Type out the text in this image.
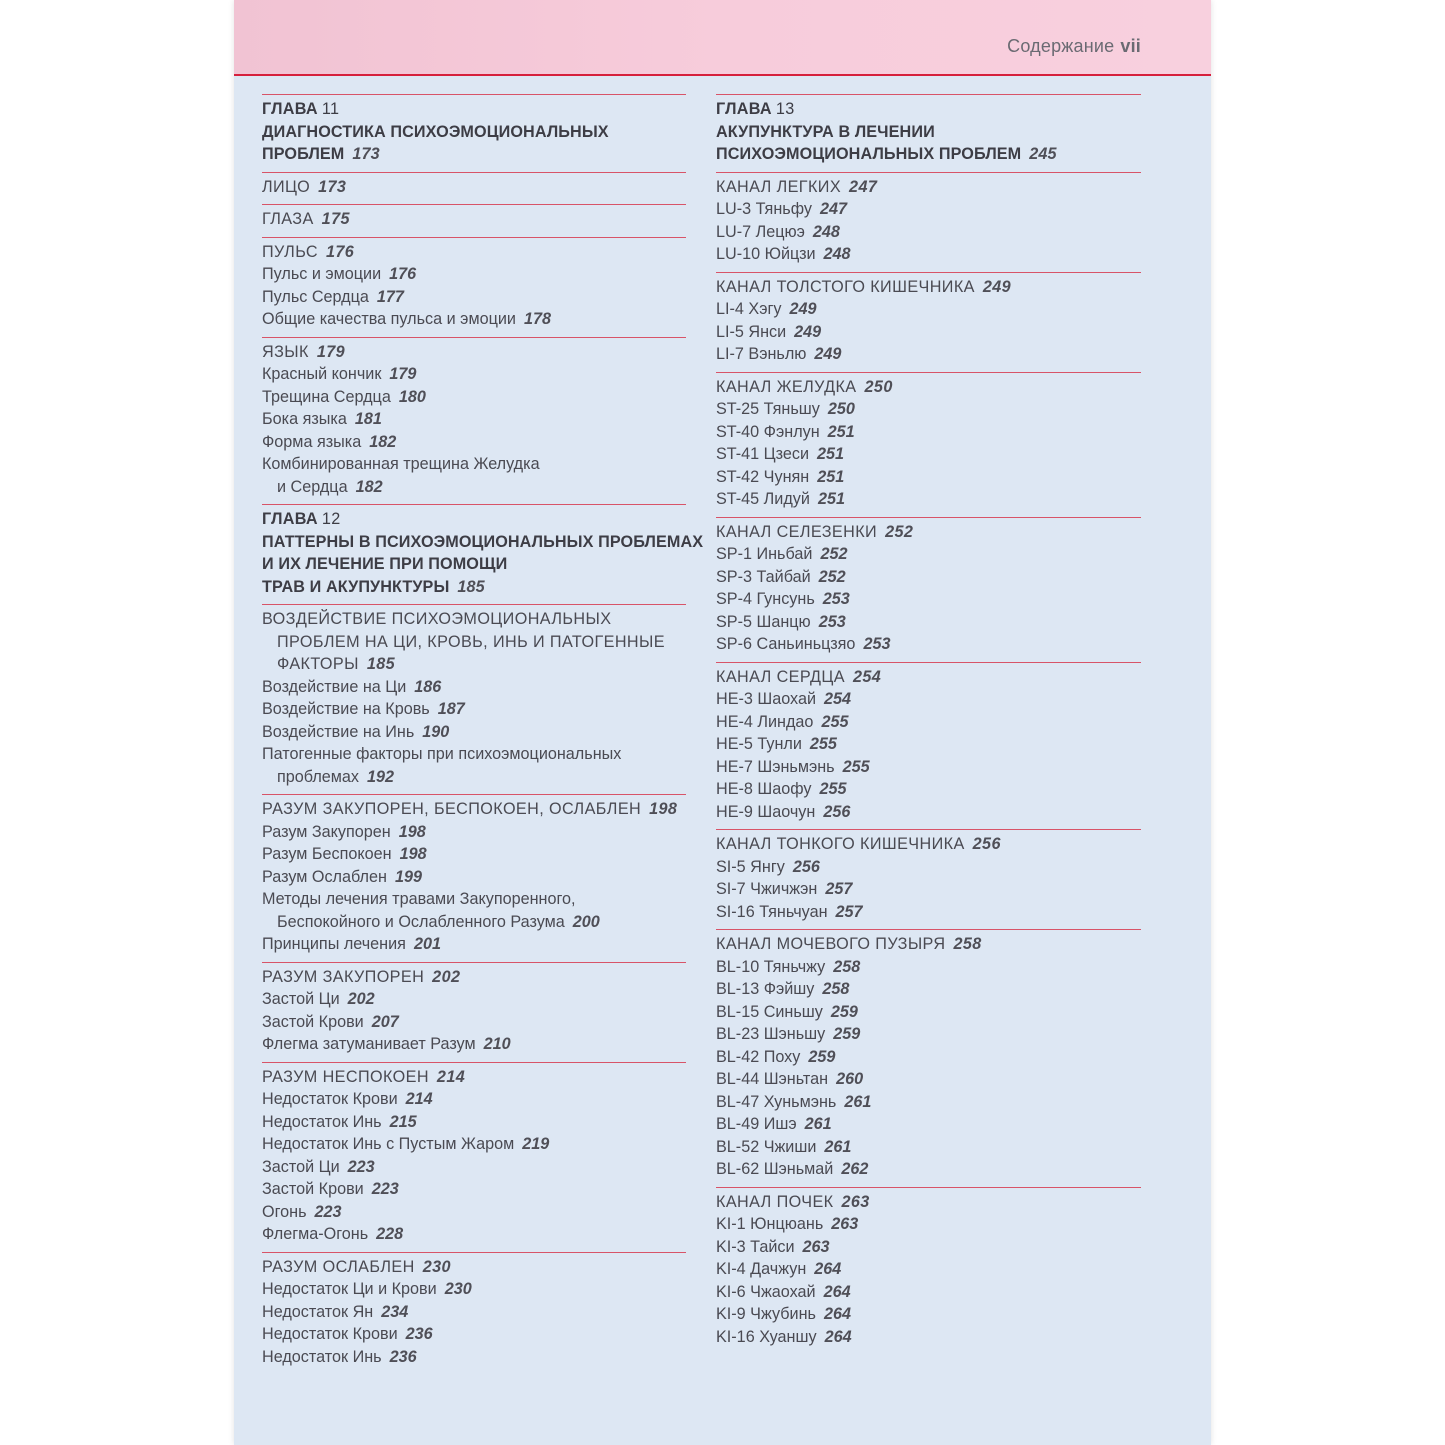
Содержание vii
ГЛАВА 11
ДИАГНОСТИКА ПСИХОЭМОЦИОНАЛЬНЫХ
ПРОБЛЕМ 173
ЛИЦО 173
ГЛАЗА 175
ПУЛЬС 176
Пульс и эмоции 176
Пульс Сердца 177
Общие качества пульса и эмоции 178
ЯЗЫК 179
Красный кончик 179
Трещина Сердца 180
Бока языка 181
Форма языка 182
Комбинированная трещина Желудка
и Сердца 182
ГЛАВА 12
ПАТТЕРНЫ В ПСИХОЭМОЦИОНАЛЬНЫХ ПРОБЛЕМАХ
И ИХ ЛЕЧЕНИЕ ПРИ ПОМОЩИ
ТРАВ И АКУПУНКТУРЫ 185
ВОЗДЕЙСТВИЕ ПСИХОЭМОЦИОНАЛЬНЫХ
ПРОБЛЕМ НА ЦИ, КРОВЬ, ИНЬ И ПАТОГЕННЫЕ
ФАКТОРЫ 185
Воздействие на Ци 186
Воздействие на Кровь 187
Воздействие на Инь 190
Патогенные факторы при психоэмоциональных
проблемах 192
РАЗУМ ЗАКУПОРЕН, БЕСПОКОЕН, ОСЛАБЛЕН 198
Разум Закупорен 198
Разум Беспокоен 198
Разум Ослаблен 199
Методы лечения травами Закупоренного,
Беспокойного и Ослабленного Разума 200
Принципы лечения 201
РАЗУМ ЗАКУПОРЕН 202
Застой Ци 202
Застой Крови 207
Флегма затуманивает Разум 210
РАЗУМ НЕСПОКОЕН 214
Недостаток Крови 214
Недостаток Инь 215
Недостаток Инь с Пустым Жаром 219
Застой Ци 223
Застой Крови 223
Огонь 223
Флегма-Огонь 228
РАЗУМ ОСЛАБЛЕН 230
Недостаток Ци и Крови 230
Недостаток Ян 234
Недостаток Крови 236
Недостаток Инь 236
ГЛАВА 13
АКУПУНКТУРА В ЛЕЧЕНИИ
ПСИХОЭМОЦИОНАЛЬНЫХ ПРОБЛЕМ 245
КАНАЛ ЛЕГКИХ 247
LU-3 Тяньфу 247
LU-7 Лецюэ 248
LU-10 Юйцзи 248
КАНАЛ ТОЛСТОГО КИШЕЧНИКА 249
LI-4 Хэгу 249
LI-5 Янси 249
LI-7 Вэньлю 249
КАНАЛ ЖЕЛУДКА 250
ST-25 Тяньшу 250
ST-40 Фэнлун 251
ST-41 Цзеси 251
ST-42 Чунян 251
ST-45 Лидуй 251
КАНАЛ СЕЛЕЗЕНКИ 252
SP-1 Иньбай 252
SP-3 Тайбай 252
SP-4 Гунсунь 253
SP-5 Шанцю 253
SP-6 Саньиньцзяо 253
КАНАЛ СЕРДЦА 254
HE-3 Шаохай 254
HE-4 Линдао 255
HE-5 Тунли 255
HE-7 Шэньмэнь 255
HE-8 Шаофу 255
HE-9 Шаочун 256
КАНАЛ ТОНКОГО КИШЕЧНИКА 256
SI-5 Янгу 256
SI-7 Чжичжэн 257
SI-16 Тяньчуан 257
КАНАЛ МОЧЕВОГО ПУЗЫРЯ 258
BL-10 Тяньчжу 258
BL-13 Фэйшу 258
BL-15 Синьшу 259
BL-23 Шэньшу 259
BL-42 Поху 259
BL-44 Шэньтан 260
BL-47 Хуньмэнь 261
BL-49 Ишэ 261
BL-52 Чжиши 261
BL-62 Шэньмай 262
КАНАЛ ПОЧЕК 263
KI-1 Юнцюань 263
KI-3 Тайси 263
KI-4 Дачжун 264
KI-6 Чжаохай 264
KI-9 Чжубинь 264
KI-16 Хуаншу 264
